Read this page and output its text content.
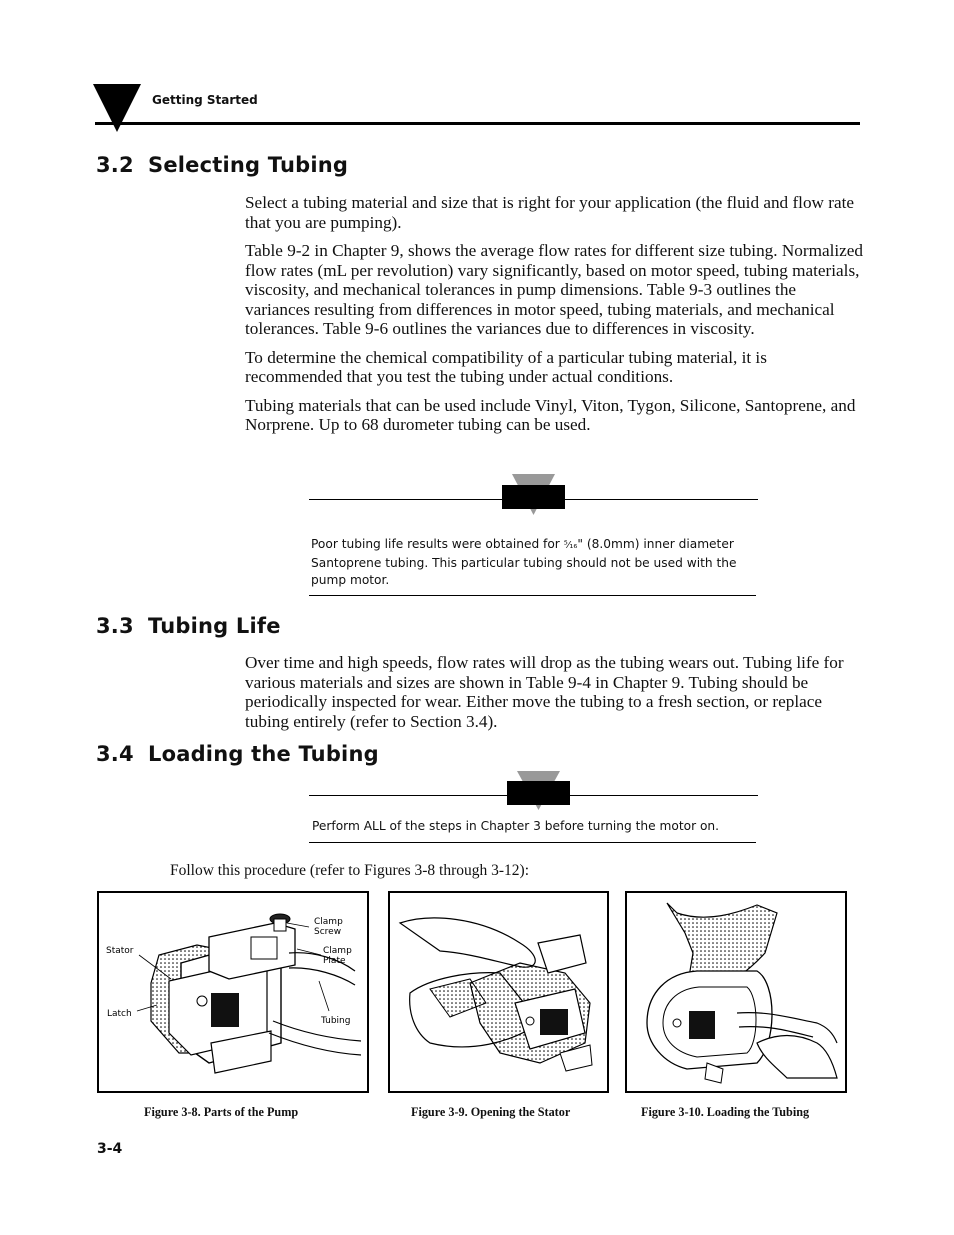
Getting Started
3.2 Selecting Tubing

Select a tubing material and size that is right for your application (the fluid and flow rate that you are pumping).

Table 9-2 in Chapter 9, shows the average flow rates for different size tubing. Normalized flow rates (mL per revolution) vary significantly, based on motor speed, tubing materials, viscosity, and mechanical tolerances in pump dimensions. Table 9-3 outlines the variances resulting from differences in motor speed, tubing materials, and mechanical tolerances. Table 9-6 outlines the variances due to differences in viscosity.

To determine the chemical compatibility of a particular tubing material, it is recommended that you test the tubing under actual conditions.

Tubing materials that can be used include Vinyl, Viton, Tygon, Silicone, Santoprene, and Norprene. Up to 68 durometer tubing can be used.

Poor tubing life results were obtained for ⁵⁄₁₆" (8.0mm) inner diameter
Santoprene tubing. This particular tubing should not be used with the
pump motor.
3.3 Tubing Life

Over time and high speeds, flow rates will drop as the tubing wears out. Tubing life for various materials and sizes are shown in Table 9-4 in Chapter 9. Tubing should be periodically inspected for wear. Either move the tubing to a fresh section, or replace tubing entirely (refer to Section 3.4).

3.4 Loading the Tubing
Perform ALL of the steps in Chapter 3 before turning the motor on.
Follow this procedure (refer to Figures 3-8 through 3-12):
Clamp
Screw
Stator	Clamp
Plate
Latch
Tubing
Figure 3-8. Parts of the Pump	Figure 3-9. Opening the Stator	Figure 3-10. Loading the Tubing
3-4
